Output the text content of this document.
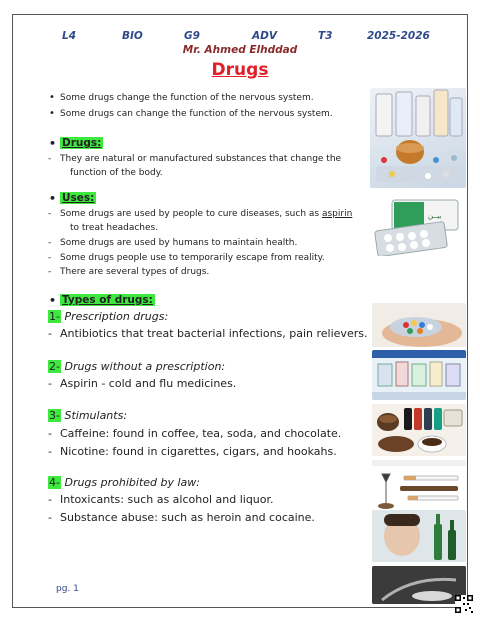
L4	BIO	G9	ADV	T3	2025-2026
Mr. Ahmed Elhddad
Drugs
• Some drugs change the function of the nervous system.
• Some drugs can change the function of the nervous system.
• Drugs:
- They are natural or manufactured substances that change the
function of the body.
• Uses:
- Some drugs are used by people to cure diseases, such as aspirin
to treat headaches.
- Some drugs are used by humans to maintain health.
- Some drugs people use to temporarily escape from reality.
- There are several types of drugs.
• Types of drugs:
1- Prescription drugs:
- Antibiotics that treat bacterial infections, pain relievers.
2- Drugs without a prescription:
- Aspirin - cold and flu medicines.
3- Stimulants:
- Caffeine: found in coffee, tea, soda, and chocolate.
- Nicotine: found in cigarettes, cigars, and hookahs.
4- Drugs prohibited by law:
- Intoxicants: such as alcohol and liquor.
- Substance abuse: such as heroin and cocaine.
pg. 1
بيــن
